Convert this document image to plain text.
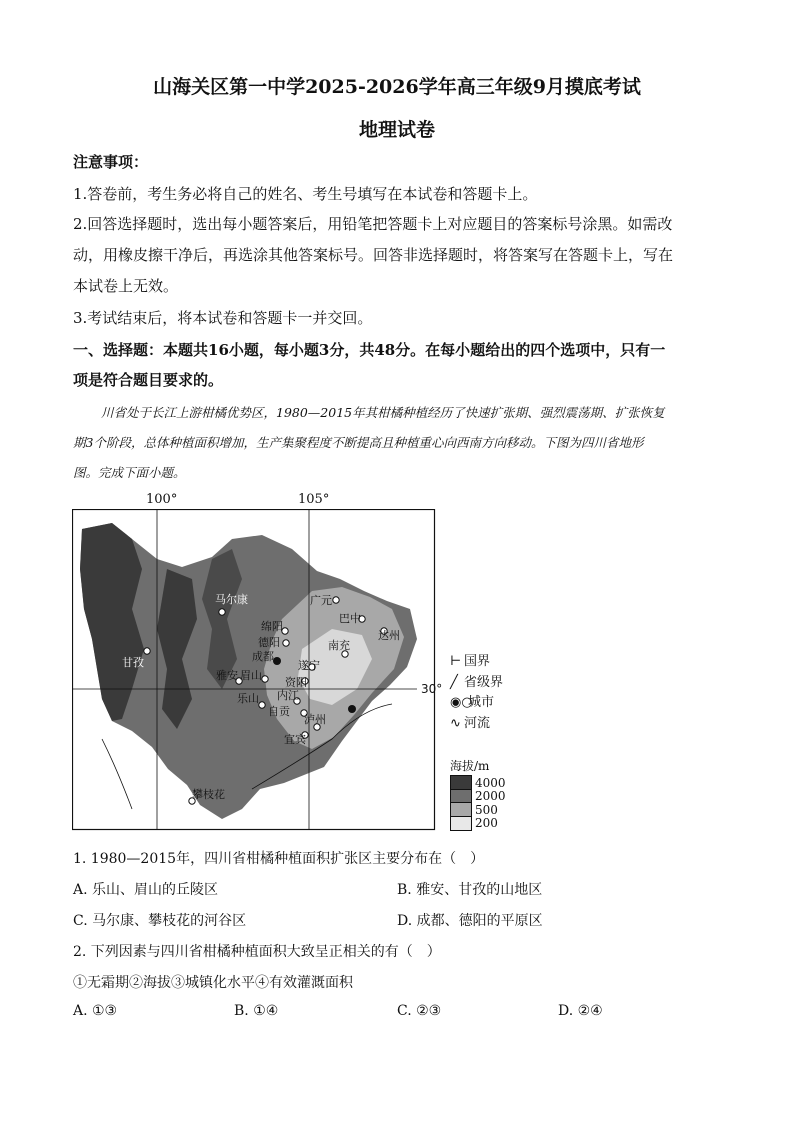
山海关区第一中学2025-2026学年高三年级9月摸底考试
地理试卷
注意事项：
1.答卷前，考生务必将自己的姓名、考生号填写在本试卷和答题卡上。
2.回答选择题时，选出每小题答案后，用铅笔把答题卡上对应题目的答案标号涂黑。如需改
动，用橡皮擦干净后，再选涂其他答案标号。回答非选择题时，将答案写在答题卡上，写在
本试卷上无效。
3.考试结束后，将本试卷和答题卡一并交回。
一、选择题：本题共16小题，每小题3分，共48分。在每小题给出的四个选项中，只有一
项是符合题目要求的。
川省处于长江上游柑橘优势区，1980—2015年其柑橘种植经历了快速扩张期、强烈震荡期、扩张恢复
期3个阶段，总体种植面积增加，生产集聚程度不断提高且种植重心向西南方向移动。下图为四川省地形
图。完成下面小题。
100°	105°
马尔康	广元
巴中
达州
绵阳
德阳	南充
成都
遂宁
甘孜
雅安 眉山
资阳
乐山 内江
自贡
泸州
宜宾
攀枝花
30°
⊢ 国界
╱ 省级界
◉○城市
∿ 河流
海拔/m
4000
2000
500
200
1. 1980—2015年，四川省柑橘种植面积扩张区主要分布在（　）
A. 乐山、眉山的丘陵区	B. 雅安、甘孜的山地区
C. 马尔康、攀枝花的河谷区	D. 成都、德阳的平原区
2. 下列因素与四川省柑橘种植面积大致呈正相关的有（　）
①无霜期②海拔③城镇化水平④有效灌溉面积
A. ①③	B. ①④	C. ②③	D. ②④
